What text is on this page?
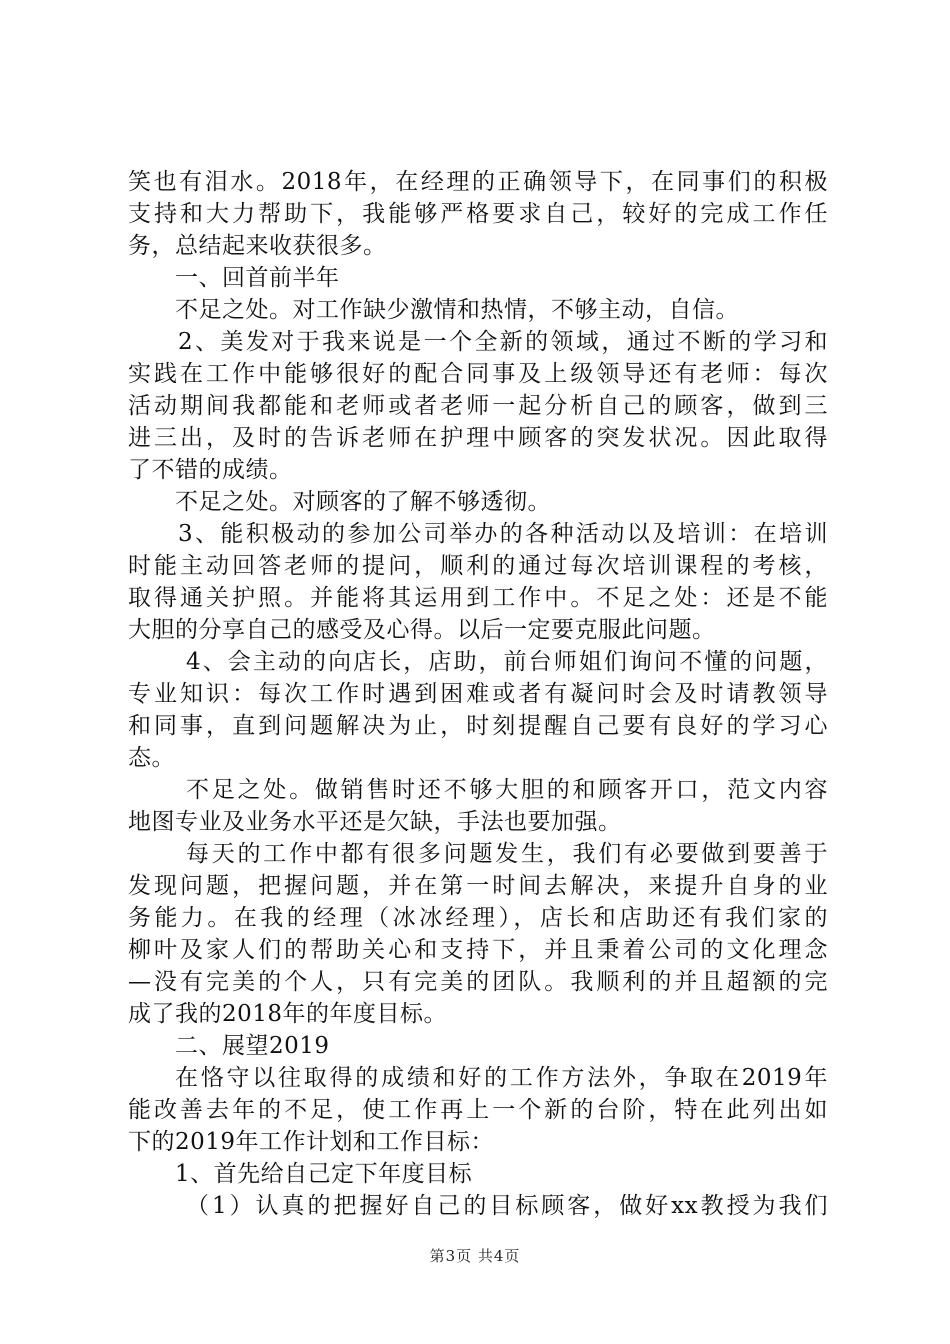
笑也有泪水。2018年，在经理的正确领导下，在同事们的积极
支持和大力帮助下，我能够严格要求自己，较好的完成工作任
务，总结起来收获很多。
一、回首前半年
不足之处。对工作缺少激情和热情，不够主动，自信。
2、美发对于我来说是一个全新的领域，通过不断的学习和
实践在工作中能够很好的配合同事及上级领导还有老师：每次
活动期间我都能和老师或者老师一起分析自己的顾客，做到三
进三出，及时的告诉老师在护理中顾客的突发状况。因此取得
了不错的成绩。
不足之处。对顾客的了解不够透彻。
3、能积极动的参加公司举办的各种活动以及培训：在培训
时能主动回答老师的提问，顺利的通过每次培训课程的考核，
取得通关护照。并能将其运用到工作中。不足之处：还是不能
大胆的分享自己的感受及心得。以后一定要克服此问题。
4、会主动的向店长，店助，前台师姐们询问不懂的问题，
专业知识：每次工作时遇到困难或者有凝问时会及时请教领导
和同事，直到问题解决为止，时刻提醒自己要有良好的学习心
态。
不足之处。做销售时还不够大胆的和顾客开口，范文内容
地图专业及业务水平还是欠缺，手法也要加强。
每天的工作中都有很多问题发生，我们有必要做到要善于
发现问题，把握问题，并在第一时间去解决，来提升自身的业
务能力。在我的经理（冰冰经理），店长和店助还有我们家的
柳叶及家人们的帮助关心和支持下，并且秉着公司的文化理念
—没有完美的个人，只有完美的团队。我顺利的并且超额的完
成了我的2018年的年度目标。
二、展望2019
在恪守以往取得的成绩和好的工作方法外，争取在2019年
能改善去年的不足，使工作再上一个新的台阶，特在此列出如
下的2019年工作计划和工作目标：
1、首先给自己定下年度目标
（1）认真的把握好自己的目标顾客，做好xx教授为我们
第3页 共4页
